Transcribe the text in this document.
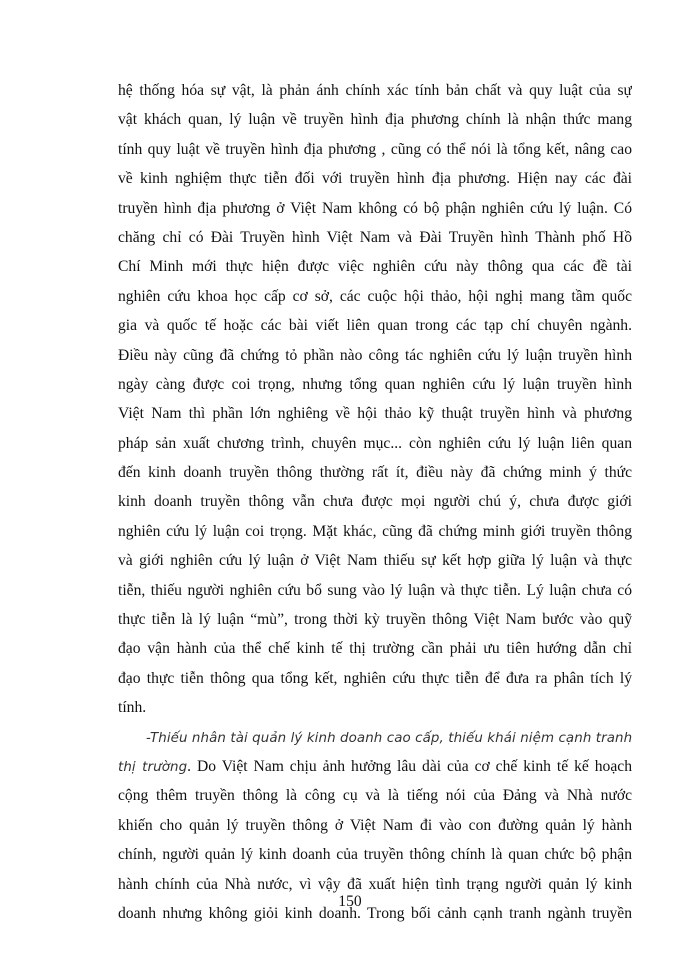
hệ thống hóa sự vật, là phản ánh chính xác tính bản chất và quy luật của sự
vật khách quan, lý luận về truyền hình địa phương chính là nhận thức mang
tính quy luật về truyền hình địa phương , cũng có thể nói là tổng kết, nâng cao
về kinh nghiệm thực tiễn đối với truyền hình địa phương. Hiện nay các đài
truyền hình địa phương ở Việt Nam không có bộ phận nghiên cứu lý luận. Có
chăng chỉ có Đài Truyền hình Việt Nam và Đài Truyền hình Thành phố Hồ
Chí Minh mới thực hiện được việc nghiên cứu này thông qua các đề tài
nghiên cứu khoa học cấp cơ sở, các cuộc hội thảo, hội nghị mang tầm quốc
gia và quốc tế hoặc các bài viết liên quan trong các tạp chí chuyên ngành.
Điều này cũng đã chứng tỏ phần nào công tác nghiên cứu lý luận truyền hình
ngày càng được coi trọng, nhưng tổng quan nghiên cứu lý luận truyền hình
Việt Nam thì phần lớn nghiêng về hội thảo kỹ thuật truyền hình và phương
pháp sản xuất chương trình, chuyên mục... còn nghiên cứu lý luận liên quan
đến kinh doanh truyền thông thường rất ít, điều này đã chứng minh ý thức
kinh doanh truyền thông vẫn chưa được mọi người chú ý, chưa được giới
nghiên cứu lý luận coi trọng. Mặt khác, cũng đã chứng minh giới truyền thông
và giới nghiên cứu lý luận ở Việt Nam thiếu sự kết hợp giữa lý luận và thực
tiễn, thiếu người nghiên cứu bổ sung vào lý luận và thực tiễn. Lý luận chưa có
thực tiễn là lý luận “mù”, trong thời kỳ truyền thông Việt Nam bước vào quỹ
đạo vận hành của thể chế kinh tế thị trường cần phải ưu tiên hướng dẫn chỉ
đạo thực tiễn thông qua tổng kết, nghiên cứu thực tiễn để đưa ra phân tích lý
tính.
-Thiếu nhân tài quản lý kinh doanh cao cấp, thiếu khái niệm cạnh tranh
thị trường. Do Việt Nam chịu ảnh hưởng lâu dài của cơ chế kinh tế kế hoạch
cộng thêm truyền thông là công cụ và là tiếng nói của Đảng và Nhà nước
khiến cho quản lý truyền thông ở Việt Nam đi vào con đường quản lý hành
chính, người quản lý kinh doanh của truyền thông chính là quan chức bộ phận
hành chính của Nhà nước, vì vậy đã xuất hiện tình trạng người quản lý kinh
doanh nhưng không giỏi kinh doanh. Trong bối cảnh cạnh tranh ngành truyền
150
